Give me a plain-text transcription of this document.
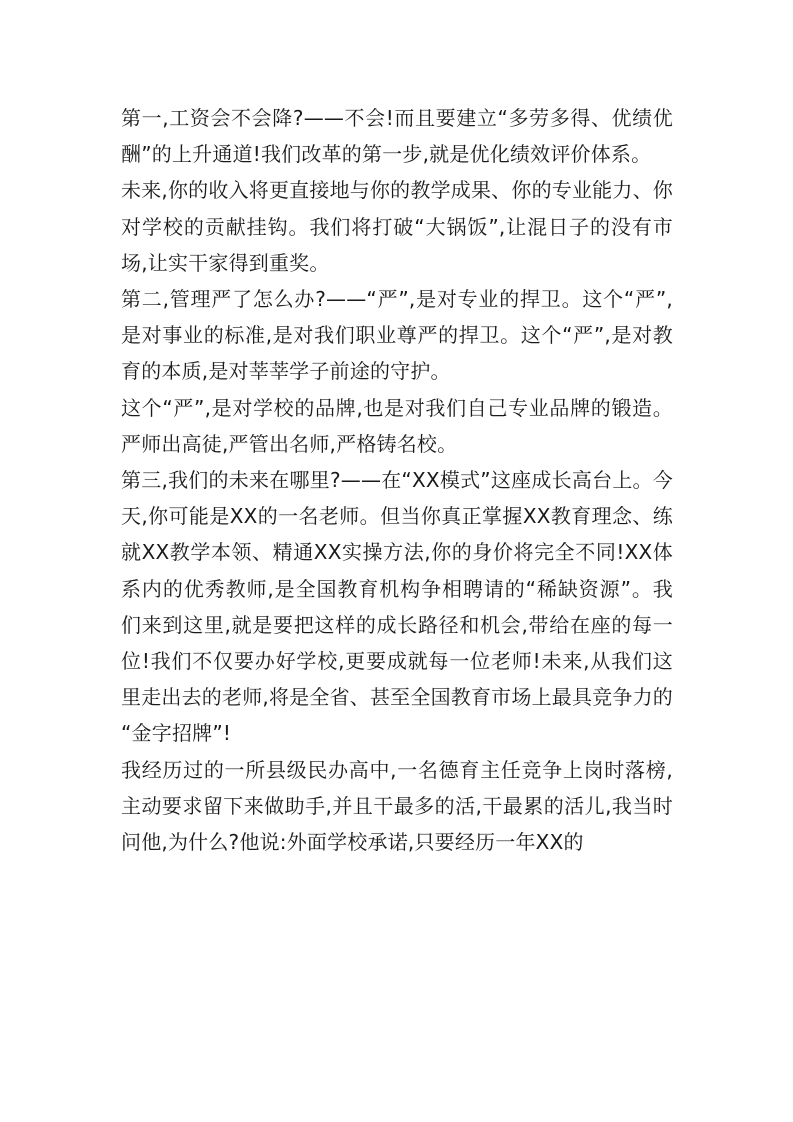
第一,工资会不会降?——不会!而且要建立“多劳多得、优绩优酬”的上升通道!我们改革的第一步,就是优化绩效评价体系。

未来,你的收入将更直接地与你的教学成果、你的专业能力、你对学校的贡献挂钩。我们将打破“大锅饭”,让混日子的没有市场,让实干家得到重奖。

第二,管理严了怎么办?——“严”,是对专业的捍卫。这个“严”,是对事业的标准,是对我们职业尊严的捍卫。这个“严”,是对教育的本质,是对莘莘学子前途的守护。

这个“严”,是对学校的品牌,也是对我们自己专业品牌的锻造。严师出高徒,严管出名师,严格铸名校。

第三,我们的未来在哪里?——在“XX模式”这座成长高台上。今天,你可能是XX的一名老师。但当你真正掌握XX教育理念、练就XX教学本领、精通XX实操方法,你的身价将完全不同!XX体系内的优秀教师,是全国教育机构争相聘请的“稀缺资源”。我们来到这里,就是要把这样的成长路径和机会,带给在座的每一位!我们不仅要办好学校,更要成就每一位老师!未来,从我们这里走出去的老师,将是全省、甚至全国教育市场上最具竞争力的“金字招牌”!

我经历过的一所县级民办高中,一名德育主任竞争上岗时落榜,主动要求留下来做助手,并且干最多的活,干最累的活儿,我当时问他,为什么?他说:外面学校承诺,只要经历一年XX的
